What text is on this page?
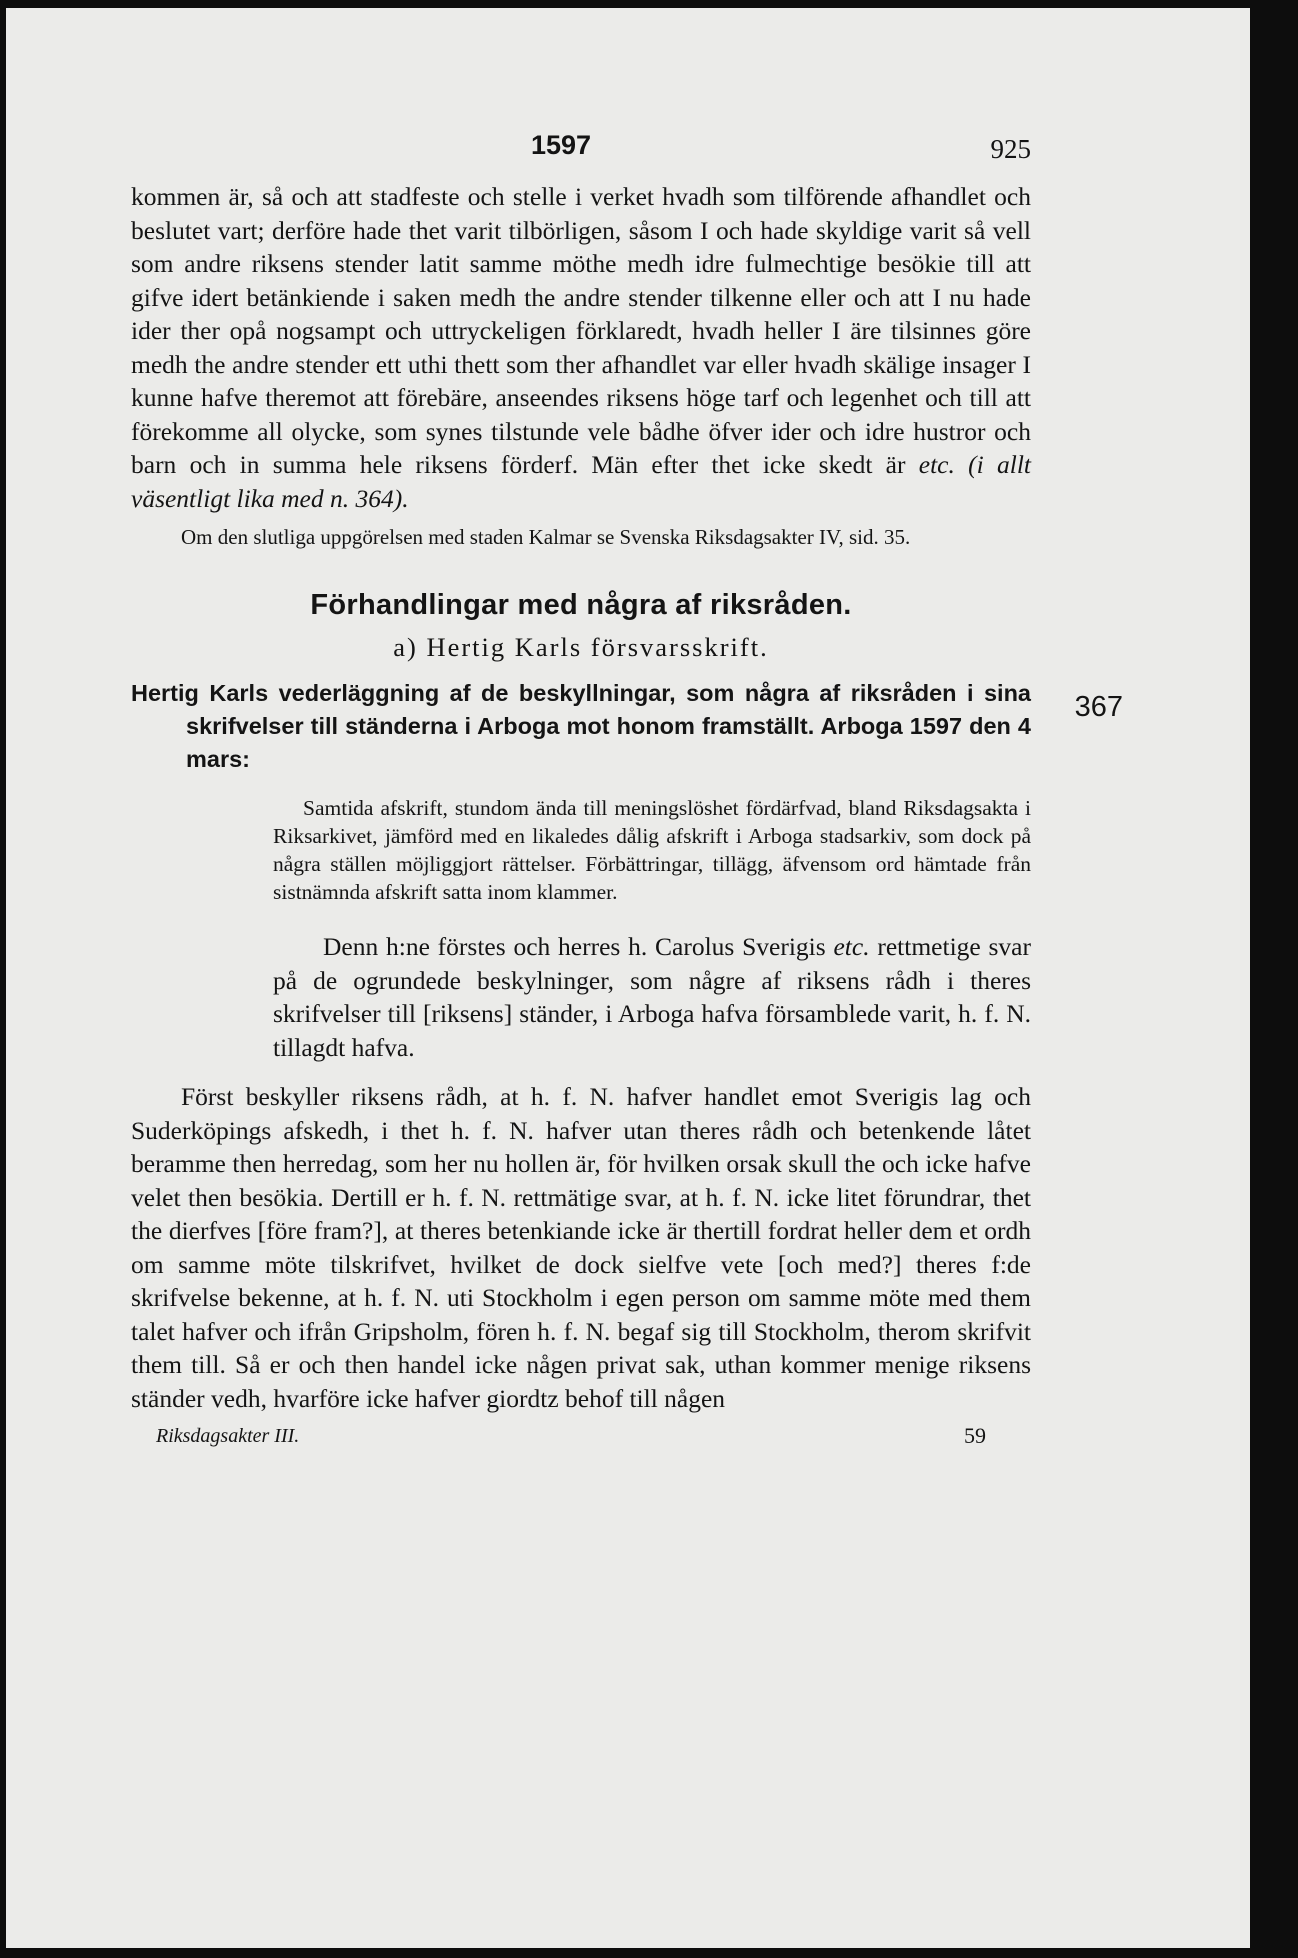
1597	925

kommen är, så och att stadfeste och stelle i verket hvadh som tilförende afhandlet och beslutet vart; derföre hade thet varit tilbörligen, såsom I och hade skyldige varit så vell som andre riksens stender latit samme möthe medh idre fulmechtige besökie till att gifve idert betänkiende i saken medh the andre stender tilkenne eller och att I nu hade ider ther opå nogsampt och uttryckeligen förklaredt, hvadh heller I äre tilsinnes göre medh the andre stender ett uthi thett som ther afhandlet var eller hvadh skälige insager I kunne hafve theremot att förebäre, anseendes riksens höge tarf och legenhet och till att förekomme all olycke, som synes tilstunde vele bådhe öfver ider och idre hustror och barn och in summa hele riksens förderf. Män efter thet icke skedt är etc. (i allt väsentligt lika med n. 364).

Om den slutliga uppgörelsen med staden Kalmar se Svenska Riksdagsakter IV, sid. 35.

Förhandlingar med några af riksråden.
a) Hertig Karls försvarsskrift.
Hertig Karls vederläggning af de beskyllningar, som några af riksråden i sina skrifvelser till ständerna i Arboga mot honom framställt. Arboga 1597 den 4 mars:
367

Samtida afskrift, stundom ända till meningslöshet fördärfvad, bland Riksdagsakta i Riksarkivet, jämförd med en likaledes dålig afskrift i Arboga stadsarkiv, som dock på några ställen möjliggjort rättelser. Förbättringar, tillägg, äfvensom ord hämtade från sistnämnda afskrift satta inom klammer.

Denn h:ne förstes och herres h. Carolus Sverigis etc. rettmetige svar på de ogrundede beskylninger, som någre af riksens rådh i theres skrifvelser till [riksens] ständer, i Arboga hafva församblede varit, h. f. N. tillagdt hafva.

Först beskyller riksens rådh, at h. f. N. hafver handlet emot Sverigis lag och Suderköpings afskedh, i thet h. f. N. hafver utan theres rådh och betenkende låtet beramme then herredag, som her nu hollen är, för hvilken orsak skull the och icke hafve velet then besökia. Dertill er h. f. N. rettmätige svar, at h. f. N. icke litet förundrar, thet the dierfves [före fram?], at theres betenkiande icke är thertill fordrat heller dem et ordh om samme möte tilskrifvet, hvilket de dock sielfve vete [och med?] theres f:de skrifvelse bekenne, at h. f. N. uti Stockholm i egen person om samme möte med them talet hafver och ifrån Gripsholm, fören h. f. N. begaf sig till Stockholm, therom skrifvit them till. Så er och then handel icke någen privat sak, uthan kommer menige riksens ständer vedh, hvarföre icke hafver giordtz behof till någen

Riksdagsakter III.	59
